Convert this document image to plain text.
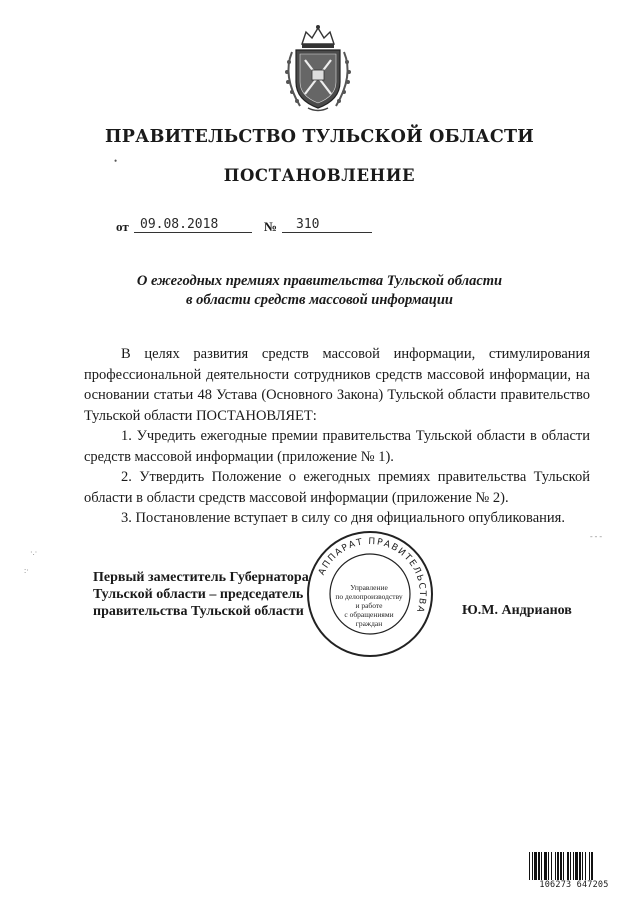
ПРАВИТЕЛЬСТВО ТУЛЬСКОЙ ОБЛАСТИ
•
ПОСТАНОВЛЕНИЕ
от 09.08.2018	№ 310
О ежегодных премиях правительства Тульской области
в области средств массовой информации

В целях развития средств массовой информации, стимулирования профессиональной деятельности сотрудников средств массовой информации, на основании статьи 48 Устава (Основного Закона) Тульской области правительство Тульской области ПОСТАНОВЛЯЕТ:

1. Учредить ежегодные премии правительства Тульской области в области средств массовой информации (приложение № 1).

2. Утвердить Положение о ежегодных премиях правительства Тульской области в области средств массовой информации (приложение № 2).

3. Постановление вступает в силу со дня официального опубликования.

·.·
:·
- - -
Первый заместитель Губернатора
Тульской области – председатель
правительства Тульской области
АППАРАТ ПРАВИТЕЛЬСТВА
Управление
по делопроизводству
и работе
с обращениями
граждан
Ю.М. Андрианов
106273 647205
